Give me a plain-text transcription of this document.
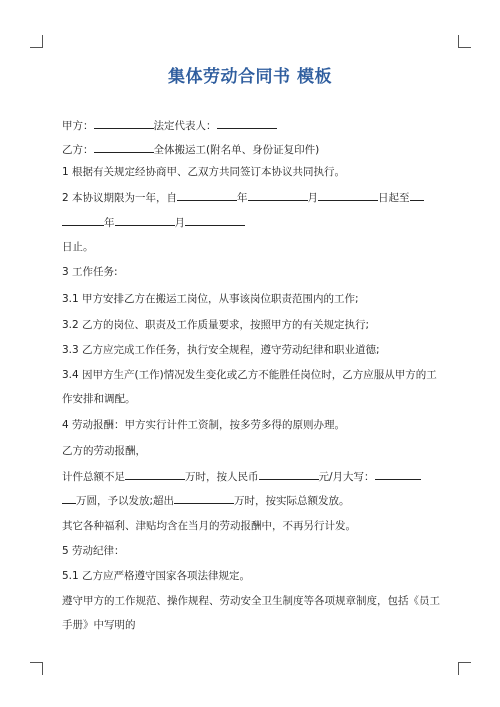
集体劳动合同书 模板
甲方：	法定代表人：
乙方：	全体搬运工(附名单、身份证复印件)
1 根据有关规定经协商甲、乙双方共同签订本协议共同执行。
2 本协议期限为一年，自	年	月	日起至
年	月
日止。
3 工作任务:
3.1 甲方安排乙方在搬运工岗位，从事该岗位职责范围内的工作;
3.2 乙方的岗位、职责及工作质量要求，按照甲方的有关规定执行;
3.3 乙方应完成工作任务，执行安全规程，遵守劳动纪律和职业道德;
3.4 因甲方生产(工作)情况发生变化或乙方不能胜任岗位时，乙方应服从甲方的工作安排和调配。
4 劳动报酬：甲方实行计件工资制，按多劳多得的原则办理。
乙方的劳动报酬，
计件总额不足	万时，按人民币	元/月大写：
万圆，予以发放;超出	万时，按实际总额发放。
其它各种福利、津贴均含在当月的劳动报酬中，不再另行计发。
5 劳动纪律：
5.1 乙方应严格遵守国家各项法律规定。
遵守甲方的工作规范、操作规程、劳动安全卫生制度等各项规章制度，包括《员工手册》中写明的
